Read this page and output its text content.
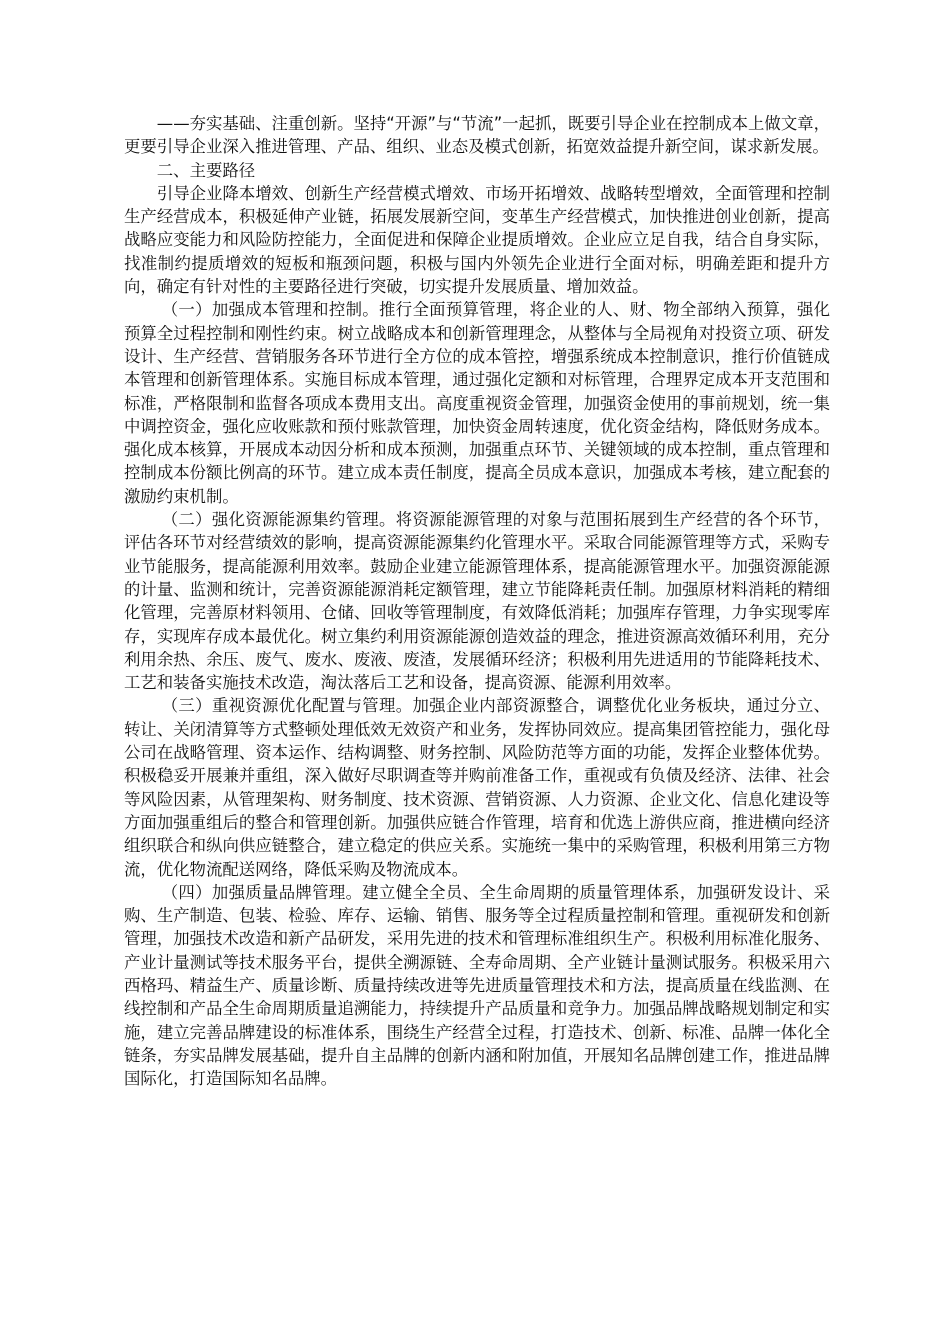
——夯实基础、注重创新。坚持“开源”与“节流”一起抓，既要引导企业在控制成本上做文章，更要引导企业深入推进管理、产品、组织、业态及模式创新，拓宽效益提升新空间，谋求新发展。

二、主要路径

引导企业降本增效、创新生产经营模式增效、市场开拓增效、战略转型增效，全面管理和控制生产经营成本，积极延伸产业链，拓展发展新空间，变革生产经营模式，加快推进创业创新，提高战略应变能力和风险防控能力，全面促进和保障企业提质增效。企业应立足自我，结合自身实际，找准制约提质增效的短板和瓶颈问题，积极与国内外领先企业进行全面对标，明确差距和提升方向，确定有针对性的主要路径进行突破，切实提升发展质量、增加效益。

（一）加强成本管理和控制。推行全面预算管理，将企业的人、财、物全部纳入预算，强化预算全过程控制和刚性约束。树立战略成本和创新管理理念，从整体与全局视角对投资立项、研发设计、生产经营、营销服务各环节进行全方位的成本管控，增强系统成本控制意识，推行价值链成本管理和创新管理体系。实施目标成本管理，通过强化定额和对标管理，合理界定成本开支范围和标准，严格限制和监督各项成本费用支出。高度重视资金管理，加强资金使用的事前规划，统一集中调控资金，强化应收账款和预付账款管理，加快资金周转速度，优化资金结构，降低财务成本。强化成本核算，开展成本动因分析和成本预测，加强重点环节、关键领域的成本控制，重点管理和控制成本份额比例高的环节。建立成本责任制度，提高全员成本意识，加强成本考核，建立配套的激励约束机制。

（二）强化资源能源集约管理。将资源能源管理的对象与范围拓展到生产经营的各个环节，评估各环节对经营绩效的影响，提高资源能源集约化管理水平。采取合同能源管理等方式，采购专业节能服务，提高能源利用效率。鼓励企业建立能源管理体系，提高能源管理水平。加强资源能源的计量、监测和统计，完善资源能源消耗定额管理，建立节能降耗责任制。加强原材料消耗的精细化管理，完善原材料领用、仓储、回收等管理制度，有效降低消耗；加强库存管理，力争实现零库存，实现库存成本最优化。树立集约利用资源能源创造效益的理念，推进资源高效循环利用，充分利用余热、余压、废气、废水、废液、废渣，发展循环经济；积极利用先进适用的节能降耗技术、工艺和装备实施技术改造，淘汰落后工艺和设备，提高资源、能源利用效率。

（三）重视资源优化配置与管理。加强企业内部资源整合，调整优化业务板块，通过分立、转让、关闭清算等方式整顿处理低效无效资产和业务，发挥协同效应。提高集团管控能力，强化母公司在战略管理、资本运作、结构调整、财务控制、风险防范等方面的功能，发挥企业整体优势。积极稳妥开展兼并重组，深入做好尽职调查等并购前准备工作，重视或有负债及经济、法律、社会等风险因素，从管理架构、财务制度、技术资源、营销资源、人力资源、企业文化、信息化建设等方面加强重组后的整合和管理创新。加强供应链合作管理，培育和优选上游供应商，推进横向经济组织联合和纵向供应链整合，建立稳定的供应关系。实施统一集中的采购管理，积极利用第三方物流，优化物流配送网络，降低采购及物流成本。

（四）加强质量品牌管理。建立健全全员、全生命周期的质量管理体系，加强研发设计、采购、生产制造、包装、检验、库存、运输、销售、服务等全过程质量控制和管理。重视研发和创新管理，加强技术改造和新产品研发，采用先进的技术和管理标准组织生产。积极利用标准化服务、产业计量测试等技术服务平台，提供全溯源链、全寿命周期、全产业链计量测试服务。积极采用六西格玛、精益生产、质量诊断、质量持续改进等先进质量管理技术和方法，提高质量在线监测、在线控制和产品全生命周期质量追溯能力，持续提升产品质量和竞争力。加强品牌战略规划制定和实施，建立完善品牌建设的标准体系，围绕生产经营全过程，打造技术、创新、标准、品牌一体化全链条，夯实品牌发展基础，提升自主品牌的创新内涵和附加值，开展知名品牌创建工作，推进品牌国际化，打造国际知名品牌。
